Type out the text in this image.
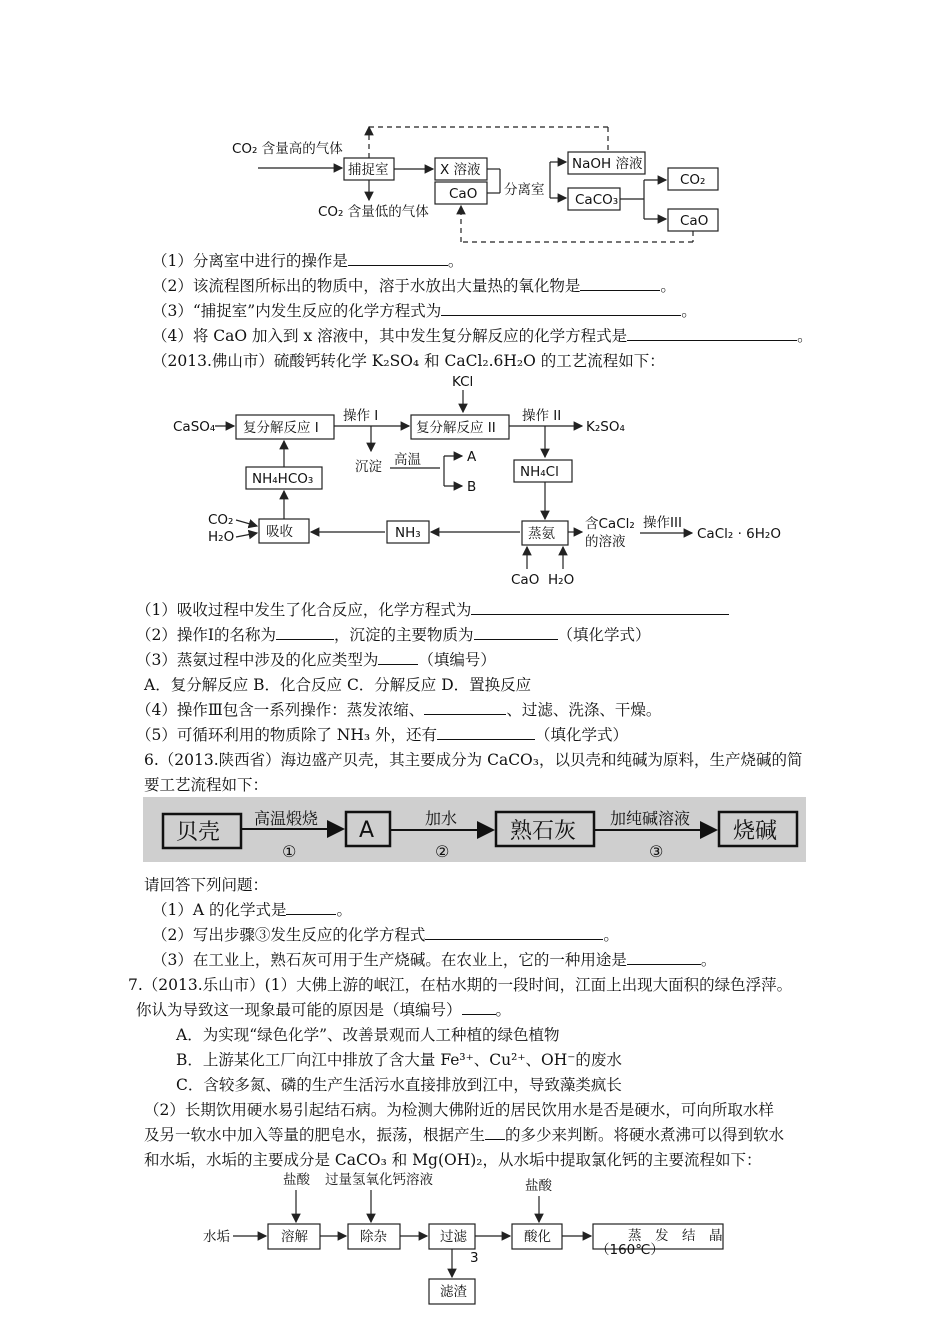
CO₂ 含量高的气体
捕捉室
CO₂ 含量低的气体
X 溶液
CaO 分离室
NaOH 溶液
CaCO₃
CO₂
CaO
（1）分离室中进行的操作是	。
（2）该流程图所标出的物质中，溶于水放出大量热的氧化物是	。
（3）“捕捉室”内发生反应的化学方程式为	。
（4）将 CaO 加入到 x 溶液中，其中发生复分解反应的化学方程式是	。
（2013.佛山市）硫酸钙转化学 K₂SO₄ 和 CaCl₂.6H₂O 的工艺流程如下：
KCl
CaSO₄ 复分解反应 I
操作 I
复分解反应 II
操作 II
K₂SO₄
沉淀 高温	A
B
NH₄HCO₃	NH₄Cl
CO₂
H₂O 吸收	NH₃	蒸氨
含CaCl₂
的溶液
操作III
CaCl₂ · 6H₂O
CaO H₂O
（1）吸收过程中发生了化合反应，化学方程式为
（2）操作Ⅰ的名称为	，沉淀的主要物质为	（填化学式）
（3）蒸氨过程中涉及的化应类型为	（填编号）
A．复分解反应 B．化合反应 C．分解反应 D．置换反应
（4）操作Ⅲ包含一系列操作：蒸发浓缩、	、过滤、洗涤、干燥。
（5）可循环利用的物质除了 NH₃ 外，还有	（填化学式）
6.（2013.陕西省）海边盛产贝壳，其主要成分为 CaCO₃，以贝壳和纯碱为原料，生产烧碱的简
要工艺流程如下：
贝壳
高温煅烧
①
A	加水
②
熟石灰
加纯碱溶液
③
烧碱
请回答下列问题：
（1）A 的化学式是	。
（2）写出步骤③发生反应的化学方程式	。
（3）在工业上，熟石灰可用于生产烧碱。在农业上，它的一种用途是	。
7.（2013.乐山市）(1）大佛上游的岷江，在枯水期的一段时间，江面上出现大面积的绿色浮萍。
你认为导致这一现象最可能的原因是（填编号） 。
A．为实现“绿色化学”、改善景观而人工种植的绿色植物
B．上游某化工厂向江中排放了含大量 Fe³⁺、Cu²⁺、OH⁻的废水
C．含较多氮、磷的生产生活污水直接排放到江中，导致藻类疯长
（2）长期饮用硬水易引起结石病。为检测大佛附近的居民饮用水是否是硬水，可向所取水样
及另一软水中加入等量的肥皂水，振荡，根据产生 的多少来判断。将硬水煮沸可以得到软水
和水垢，水垢的主要成分是 CaCO₃ 和 Mg(OH)₂，从水垢中提取氯化钙的主要流程如下：
盐酸 过量氢氧化钙溶液	盐酸
水垢	溶解	除杂	过滤	酸化	蒸　发　结　晶
（160℃）
3
滤渣
